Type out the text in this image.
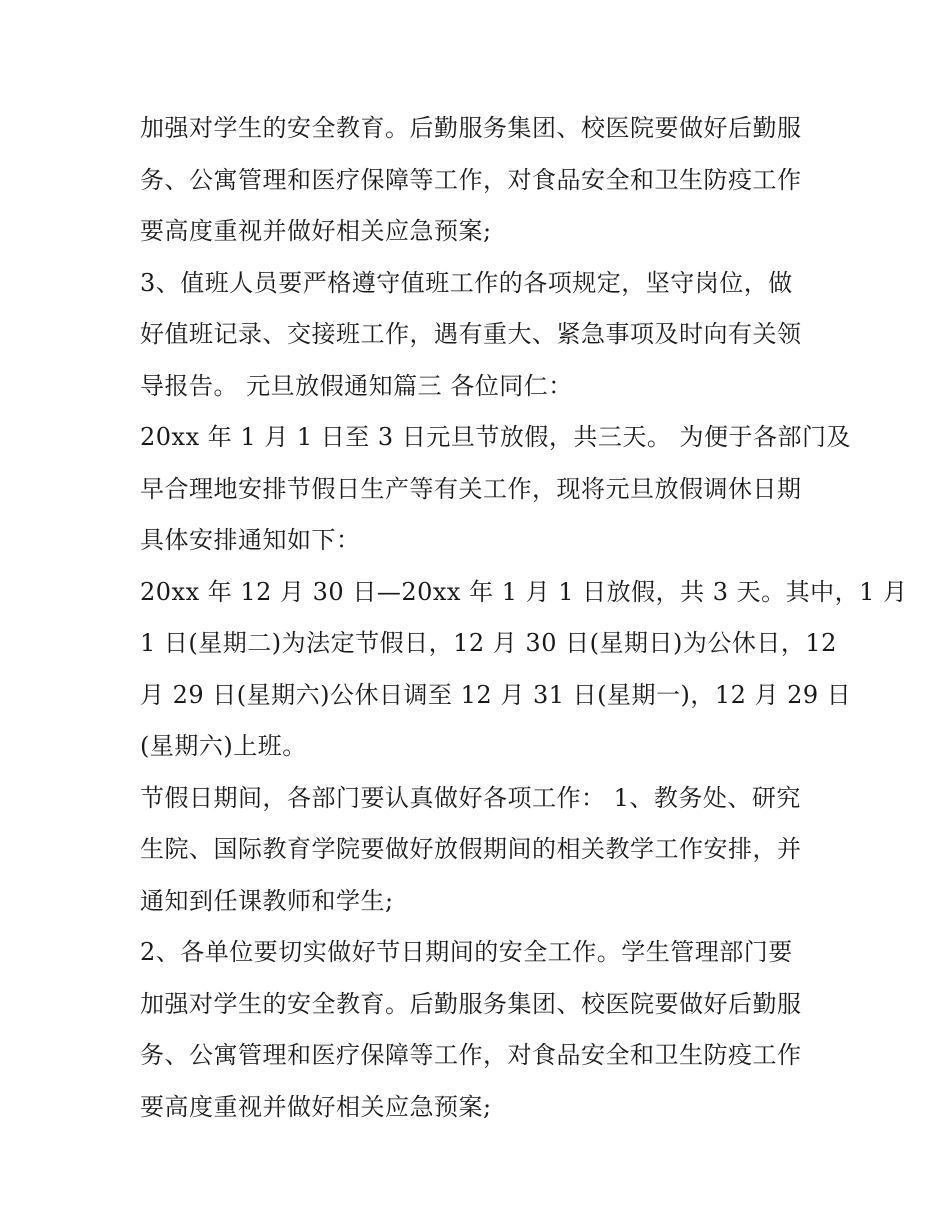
加强对学生的安全教育。后勤服务集团、校医院要做好后勤服
务、公寓管理和医疗保障等工作，对食品安全和卫生防疫工作
要高度重视并做好相关应急预案;
3、值班人员要严格遵守值班工作的各项规定，坚守岗位，做
好值班记录、交接班工作，遇有重大、紧急事项及时向有关领
导报告。 元旦放假通知篇三 各位同仁：
20xx 年 1 月 1 日至 3 日元旦节放假，共三天。 为便于各部门及
早合理地安排节假日生产等有关工作，现将元旦放假调休日期
具体安排通知如下：
20xx 年 12 月 30 日—20xx 年 1 月 1 日放假，共 3 天。其中，1 月
1 日(星期二)为法定节假日，12 月 30 日(星期日)为公休日，12
月 29 日(星期六)公休日调至 12 月 31 日(星期一)，12 月 29 日
(星期六)上班。
节假日期间，各部门要认真做好各项工作： 1、教务处、研究
生院、国际教育学院要做好放假期间的相关教学工作安排，并
通知到任课教师和学生;
2、各单位要切实做好节日期间的安全工作。学生管理部门要
加强对学生的安全教育。后勤服务集团、校医院要做好后勤服
务、公寓管理和医疗保障等工作，对食品安全和卫生防疫工作
要高度重视并做好相关应急预案;
